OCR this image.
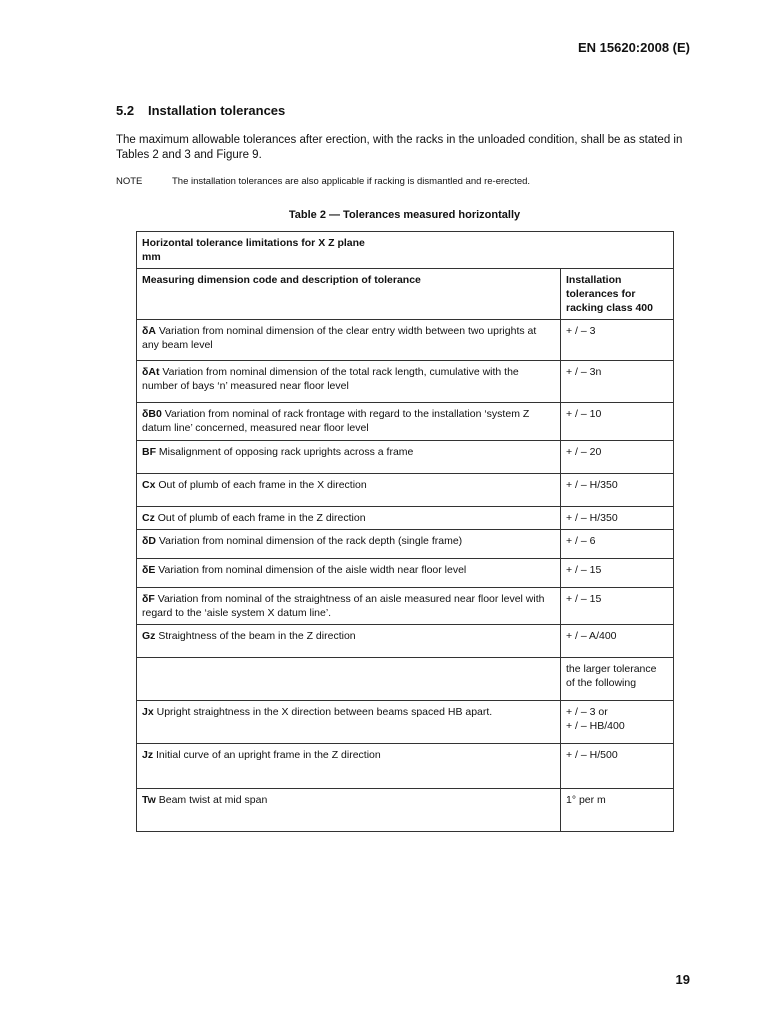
EN 15620:2008 (E)
5.2 Installation tolerances
The maximum allowable tolerances after erection, with the racks in the unloaded condition, shall be as stated in Tables 2 and 3 and Figure 9.
NOTE	The installation tolerances are also applicable if racking is dismantled and re-erected.
Table 2 — Tolerances measured horizontally
Horizontal tolerance limitations for X Z plane
mm	
Measuring dimension code and description of tolerance	Installation tolerances for racking class 400
δA Variation from nominal dimension of the clear entry width between two uprights at any beam level	+ / – 3
δAt Variation from nominal dimension of the total rack length, cumulative with the number of bays ‘n’ measured near floor level	+ / – 3n
δB0 Variation from nominal of rack frontage with regard to the installation ‘system Z datum line’ concerned, measured near floor level	+ / – 10
BF Misalignment of opposing rack uprights across a frame	+ / – 20
Cx Out of plumb of each frame in the X direction	+ / – H/350
Cz Out of plumb of each frame in the Z direction	+ / – H/350
δD Variation from nominal dimension of the rack depth (single frame)	+ / – 6
δE Variation from nominal dimension of the aisle width near floor level	+ / – 15
δF Variation from nominal of the straightness of an aisle measured near floor level with regard to the ‘aisle system X datum line’.	+ / – 15
Gz Straightness of the beam in the Z direction	+ / – A/400
	the larger tolerance of the following
Jx Upright straightness in the X direction between beams spaced HB apart.	+ / – 3 or
+ / – HB/400
Jz Initial curve of an upright frame in the Z direction	+ / – H/500
Tw Beam twist at mid span	1° per m
19
